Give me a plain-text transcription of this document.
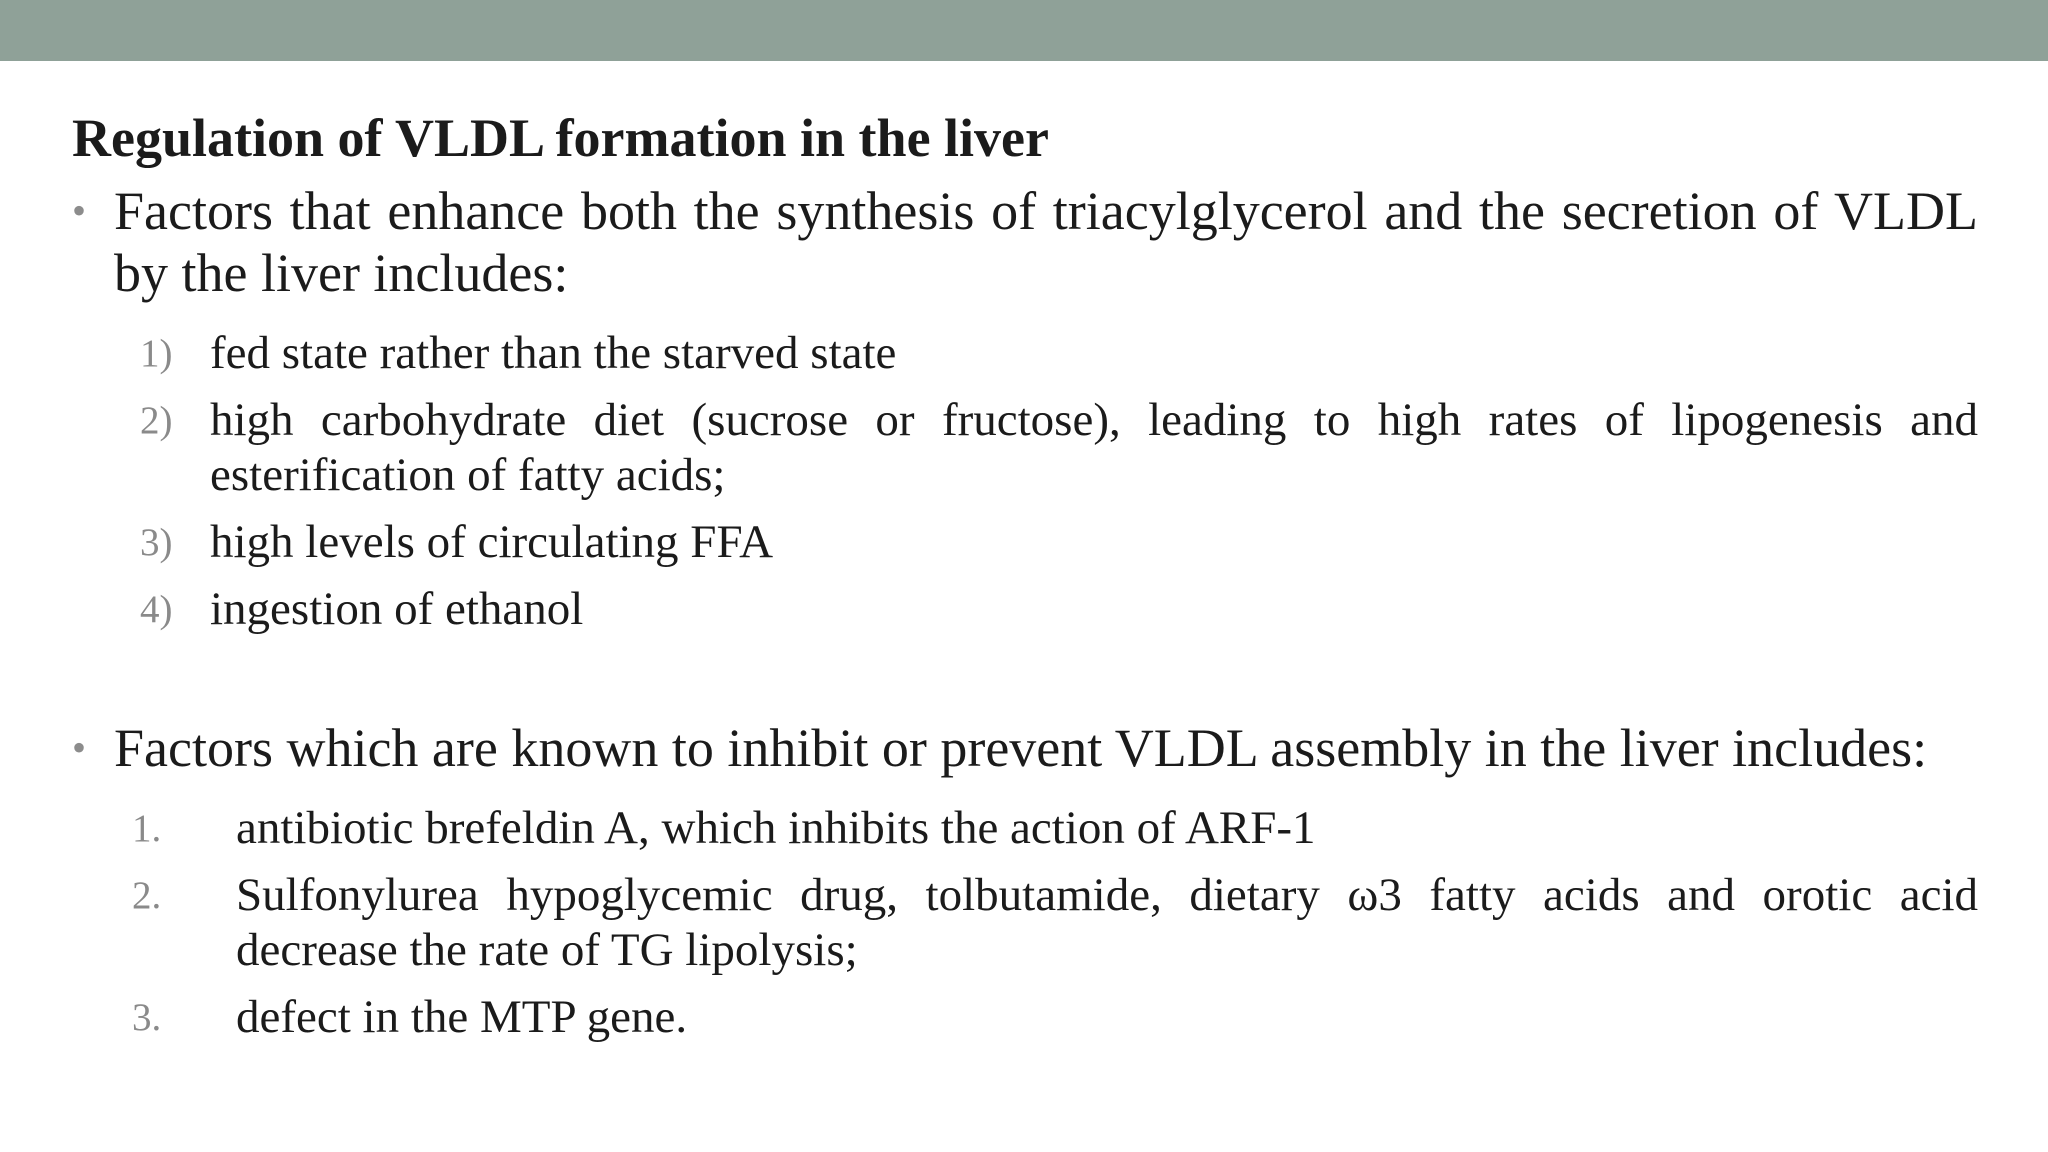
Regulation of VLDL formation in the liver
• Factors that enhance both the synthesis of triacylglycerol and the secretion of VLDL by the liver includes:
1) fed state rather than the starved state
2) high carbohydrate diet (sucrose or fructose), leading to high rates of lipogenesis and esterification of fatty acids;
3) high levels of circulating FFA
4) ingestion of ethanol
• Factors which are known to inhibit or prevent VLDL assembly in the liver includes:
1. antibiotic brefeldin A, which inhibits the action of ARF-1
2. Sulfonylurea hypoglycemic drug, tolbutamide, dietary ω3 fatty acids and orotic acid decrease the rate of TG lipolysis;
3. defect in the MTP gene.
